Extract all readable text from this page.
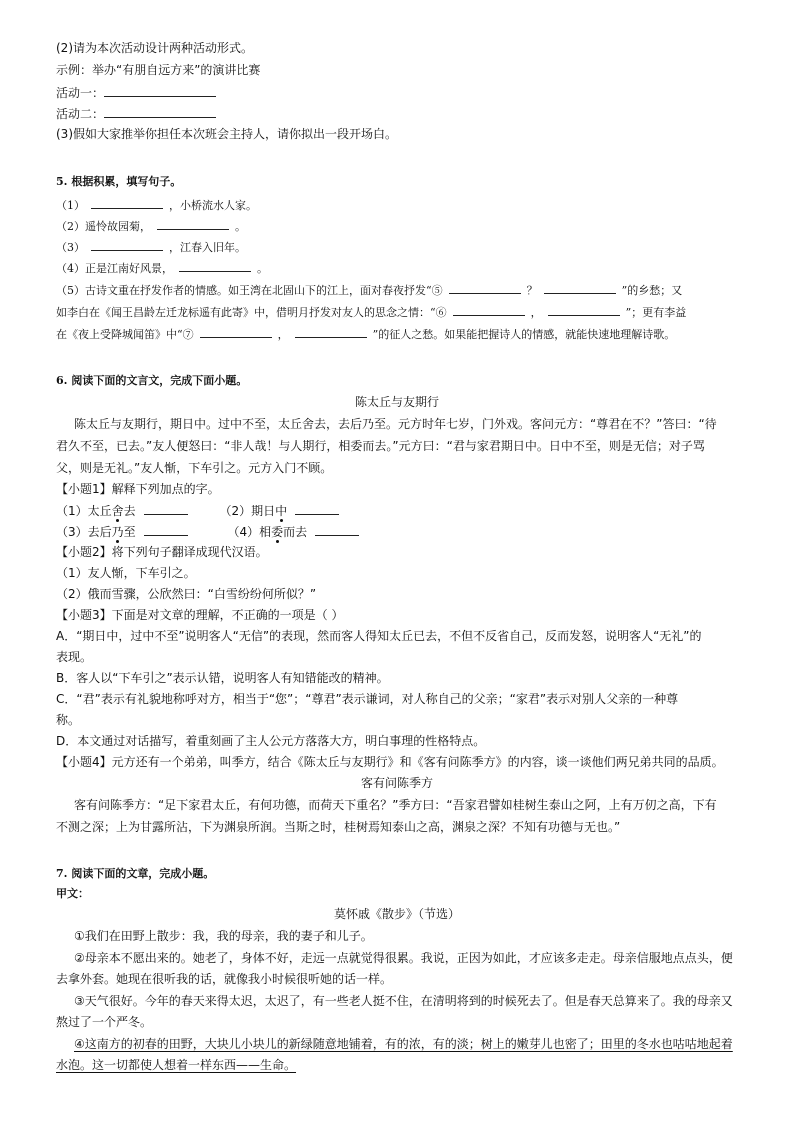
(2)请为本次活动设计两种活动形式。
示例：举办“有朋自远方来”的演讲比赛
活动一：
活动二：
(3)假如大家推举你担任本次班会主持人，请你拟出一段开场白。
5. 根据积累，填写句子。
（1）	，小桥流水人家。
（2）遥怜故园菊，	。
（3）	，江春入旧年。
（4）正是江南好风景，	。
（5）古诗文重在抒发作者的情感。如王湾在北固山下的江上，面对春夜抒发“⑤	？	”的乡愁；又
如李白在《闻王昌龄左迁龙标遥有此寄》中，借明月抒发对友人的思念之情：“⑥	，	”；更有李益
在《夜上受降城闻笛》中“⑦	，	”的征人之愁。如果能把握诗人的情感，就能快速地理解诗歌。
6. 阅读下面的文言文，完成下面小题。
陈太丘与友期行
陈太丘与友期行，期日中。过中不至，太丘舍去，去后乃至。元方时年七岁，门外戏。客问元方：“尊君在不？”答曰：“待
君久不至，已去。”友人便怒曰：“非人哉！与人期行，相委而去。”元方曰：“君与家君期日中。日中不至，则是无信；对子骂
父，则是无礼。”友人惭，下车引之。元方入门不顾。
【小题1】解释下列加点的字。
（1）太丘舍去	（2）期日中
（3）去后乃至	（4）相委而去
【小题2】将下列句子翻译成现代汉语。
（1）友人惭，下车引之。
（2）俄而雪骤，公欣然曰：“白雪纷纷何所似？”
【小题3】下面是对文章的理解，不正确的一项是（ ）
A．“期日中，过中不至”说明客人“无信”的表现，然而客人得知太丘已去，不但不反省自己，反而发怒，说明客人“无礼”的
表现。
B．客人以“下车引之”表示认错，说明客人有知错能改的精神。
C．“君”表示有礼貌地称呼对方，相当于“您”；“尊君”表示谦词，对人称自己的父亲；“家君”表示对别人父亲的一种尊
称。
D．本文通过对话描写，着重刻画了主人公元方落落大方，明白事理的性格特点。
【小题4】元方还有一个弟弟，叫季方，结合《陈太丘与友期行》和《客有问陈季方》的内容，谈一谈他们两兄弟共同的品质。
客有问陈季方
客有问陈季方：“足下家君太丘，有何功德，而荷天下重名？”季方曰：“吾家君譬如桂树生泰山之阿，上有万仞之高，下有
不测之深；上为甘露所沾，下为渊泉所润。当斯之时，桂树焉知泰山之高，渊泉之深？不知有功德与无也。”
7. 阅读下面的文章，完成小题。
甲文：
莫怀戚《散步》（节选）
①我们在田野上散步：我，我的母亲，我的妻子和儿子。
②母亲本不愿出来的。她老了，身体不好，走远一点就觉得很累。我说，正因为如此，才应该多走走。母亲信服地点点头，便
去拿外套。她现在很听我的话，就像我小时候很听她的话一样。
③天气很好。今年的春天来得太迟，太迟了，有一些老人挺不住，在清明将到的时候死去了。但是春天总算来了。我的母亲又
熬过了一个严冬。
④这南方的初春的田野，大块儿小块儿的新绿随意地铺着，有的浓，有的淡；树上的嫩芽儿也密了；田里的冬水也咕咕地起着
水泡。这一切都使人想着一样东西——生命。
